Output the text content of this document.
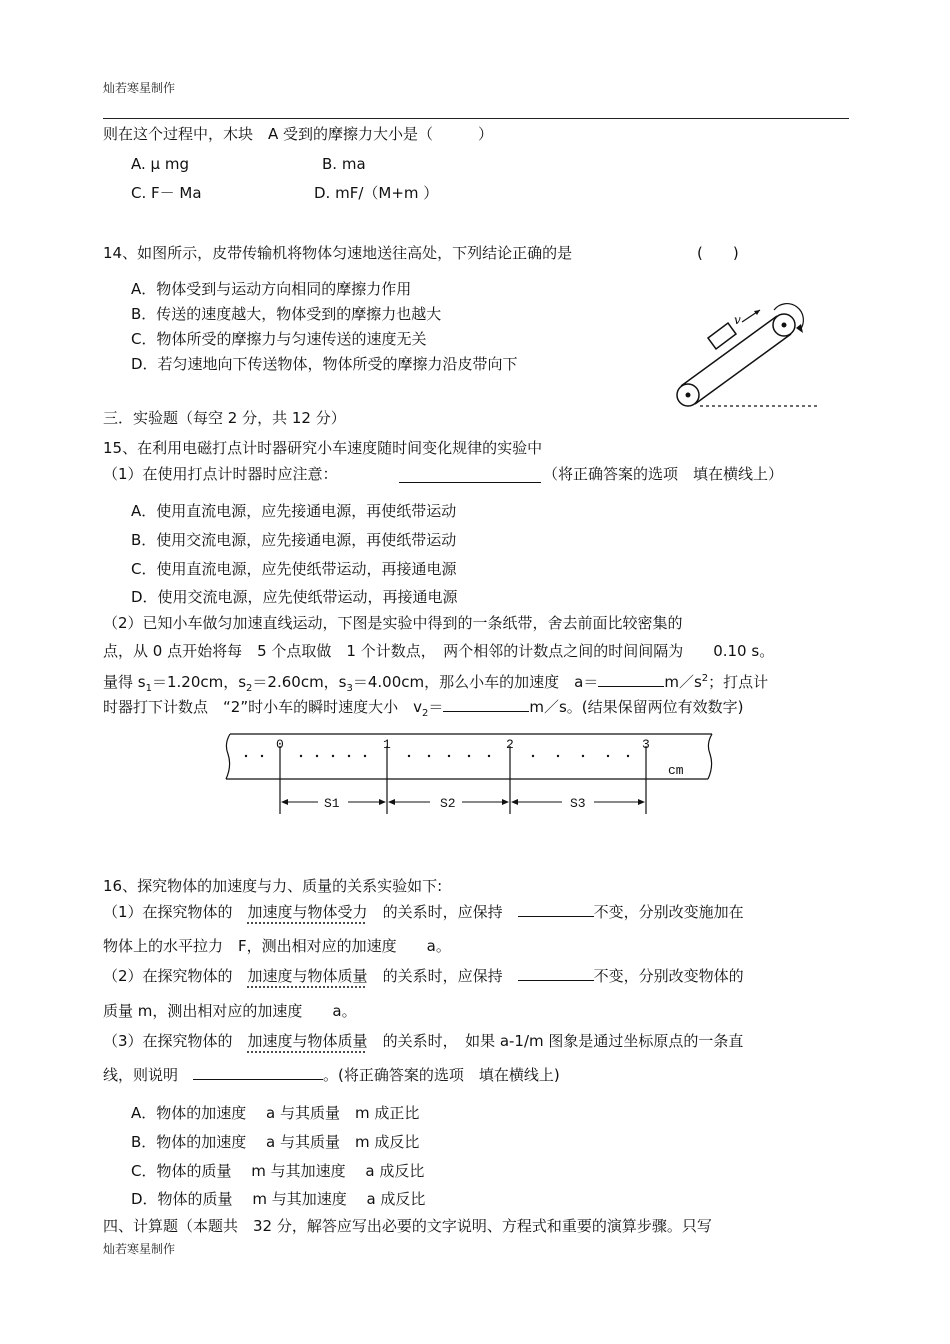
灿若寒星制作
则在这个过程中，木块　A 受到的摩擦力大小是（　　　）
A. μ mg	B. ma
C. F－ Ma	D. mF/（M+m ）
14、如图所示，皮带传输机将物体匀速地送往高处，下列结论正确的是	(　　)
A．物体受到与运动方向相同的摩擦力作用
B．传送的速度越大，物体受到的摩擦力也越大
C．物体所受的摩擦力与匀速传送的速度无关
D．若匀速地向下传送物体，物体所受的摩擦力沿皮带向下
v
三．实验题（每空 2 分，共 12 分）
15、在利用电磁打点计时器研究小车速度随时间变化规律的实验中
（1）在使用打点计时器时应注意：	（将正确答案的选项　填在横线上）
A．使用直流电源，应先接通电源，再使纸带运动
B．使用交流电源，应先接通电源，再使纸带运动
C．使用直流电源，应先使纸带运动，再接通电源
D．使用交流电源，应先使纸带运动，再接通电源
（2）已知小车做匀加速直线运动，下图是实验中得到的一条纸带，舍去前面比较密集的
点，从 0 点开始将每　5 个点取做　1 个计数点，　两个相邻的计数点之间的时间间隔为　　0.10 s。
量得 $s_1=1.20cm$，$s_2=2.60cm$，$s_3=4.00cm$，那么小车的加速度　a＝	$m/s^2$；打点计
时器打下计数点　“2”时小车的瞬时速度大小　$v_2=$	m／s。(结果保留两位有效数字)
0	1	2	3
cm
S1	S2	S3
16、探究物体的加速度与力、质量的关系实验如下:
（1）在探究物体的　加速度与物体受力　的关系时，应保持　	不变，分别改变施加在
物体上的水平拉力　F，测出相对应的加速度　　a。
（2）在探究物体的　加速度与物体质量　的关系时，应保持　	不变，分别改变物体的
质量 m，测出相对应的加速度　　a。
（3）在探究物体的　加速度与物体质量　的关系时，　如果 a-1/m 图象是通过坐标原点的一条直
线，则说明　	。(将正确答案的选项　填在横线上)
A．物体的加速度　 a 与其质量　m 成正比
B．物体的加速度　 a 与其质量　m 成反比
C．物体的质量　 m 与其加速度　 a 成反比
D．物体的质量　 m 与其加速度　 a 成反比
四、计算题（本题共　32 分，解答应写出必要的文字说明、方程式和重要的演算步骤。只写
灿若寒星制作
